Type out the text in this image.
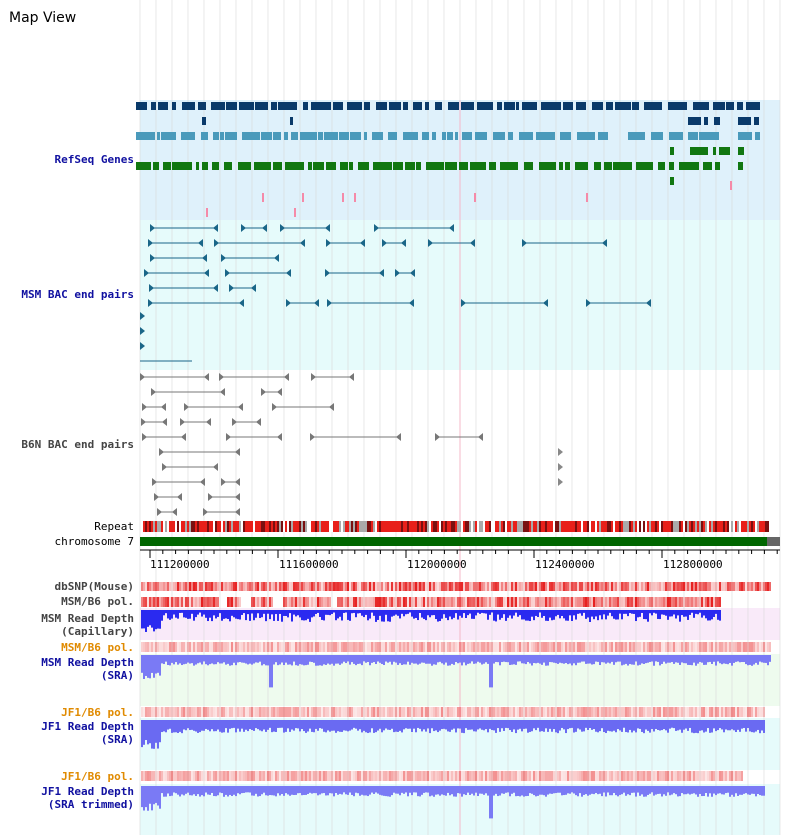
Map View
RefSeq Genes
MSM BAC end pairs
B6N BAC end pairs
Repeat
chromosome 7
dbSNP(Mouse)
MSM/B6 pol.
MSM Read Depth
(Capillary)
MSM/B6 pol.
MSM Read Depth
(SRA)
JF1/B6 pol.
JF1 Read Depth
(SRA)
JF1/B6 pol.
JF1 Read Depth
(SRA trimmed)
111200000	111600000	112000000	112400000	112800000
